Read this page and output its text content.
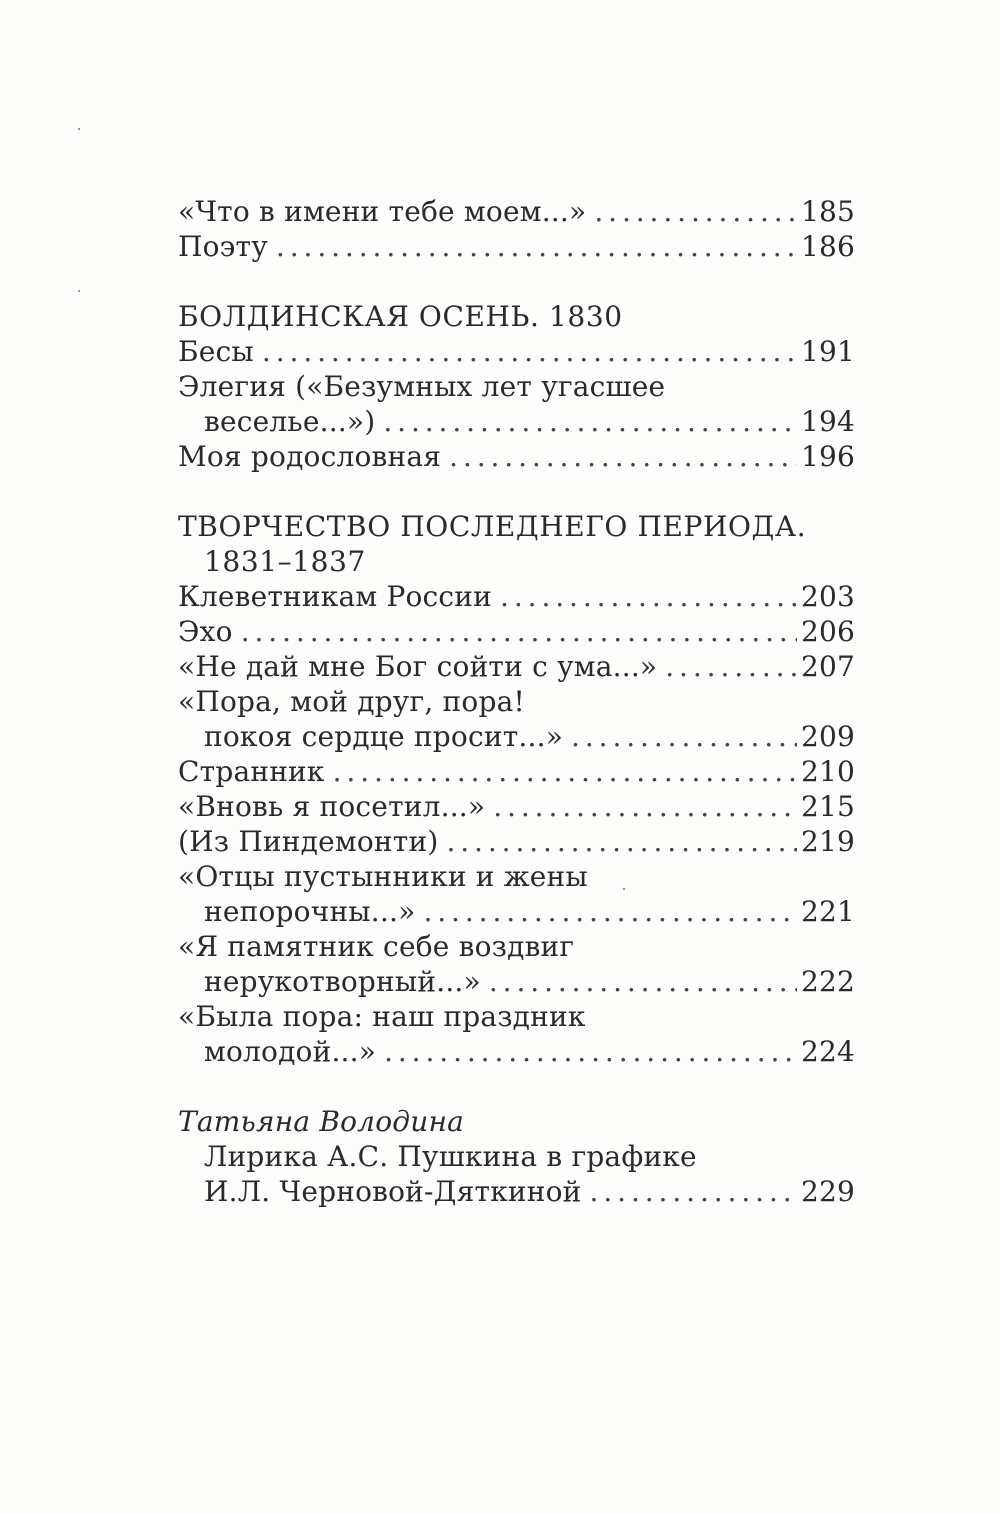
«Что в имени тебе моем...» . . .	185
Поэту . . .	186
БОЛДИНСКАЯ ОСЕНЬ. 1830
Бесы . . .	191
Элегия («Безумных лет угасшее
веселье...») . . .	194
Моя родословная . . .	196
ТВОРЧЕСТВО ПОСЛЕДНЕГО ПЕРИОДА.
1831–1837
Клеветникам России . . .	203
Эхо . . .	206
«Не дай мне Бог сойти с ума...» . . .	207
«Пора, мой друг, пора!
покоя сердце просит...» . . .	209
Странник . . .	210
«Вновь я посетил...» . . .	215
(Из Пиндемонти) . . .	219
«Отцы пустынники и жены
непорочны...» . . .	221
«Я памятник себе воздвиг
нерукотворный...» . . .	222
«Была пора: наш праздник
молодой...» . . .	224
Татьяна Володина
Лирика А.С. Пушкина в графике
И.Л. Черновой-Дяткиной . . .	229
